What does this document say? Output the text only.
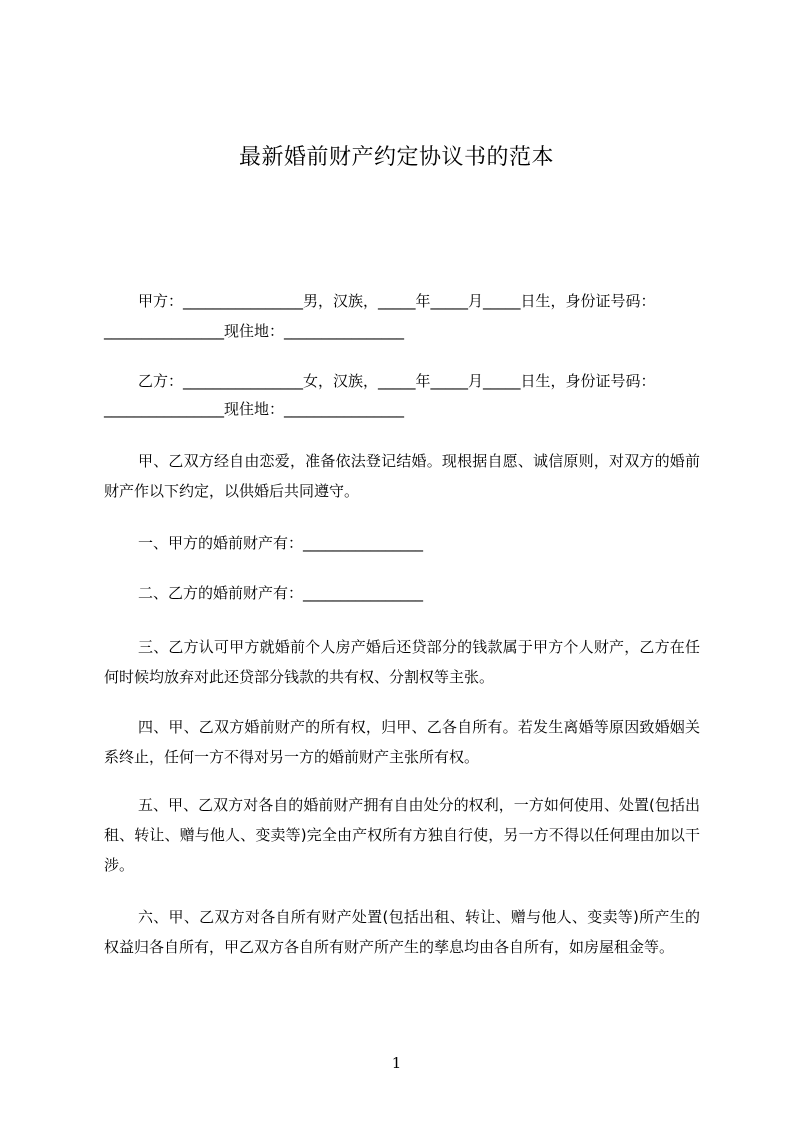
最新婚前财产约定协议书的范本

甲方：________________男，汉族，_____年_____月_____日生，身份证号码：

________________现住地：________________

乙方：________________女，汉族，_____年_____月_____日生，身份证号码：

________________现住地：________________

甲、乙双方经自由恋爱，准备依法登记结婚。现根据自愿、诚信原则，对双方的婚前财产作以下约定，以供婚后共同遵守。

一、甲方的婚前财产有：________________

二、乙方的婚前财产有：________________

三、乙方认可甲方就婚前个人房产婚后还贷部分的钱款属于甲方个人财产，乙方在任何时候均放弃对此还贷部分钱款的共有权、分割权等主张。

四、甲、乙双方婚前财产的所有权，归甲、乙各自所有。若发生离婚等原因致婚姻关系终止，任何一方不得对另一方的婚前财产主张所有权。

五、甲、乙双方对各自的婚前财产拥有自由处分的权利，一方如何使用、处置(包括出租、转让、赠与他人、变卖等)完全由产权所有方独自行使，另一方不得以任何理由加以干涉。

六、甲、乙双方对各自所有财产处置(包括出租、转让、赠与他人、变卖等)所产生的权益归各自所有，甲乙双方各自所有财产所产生的孳息均由各自所有，如房屋租金等。

1
